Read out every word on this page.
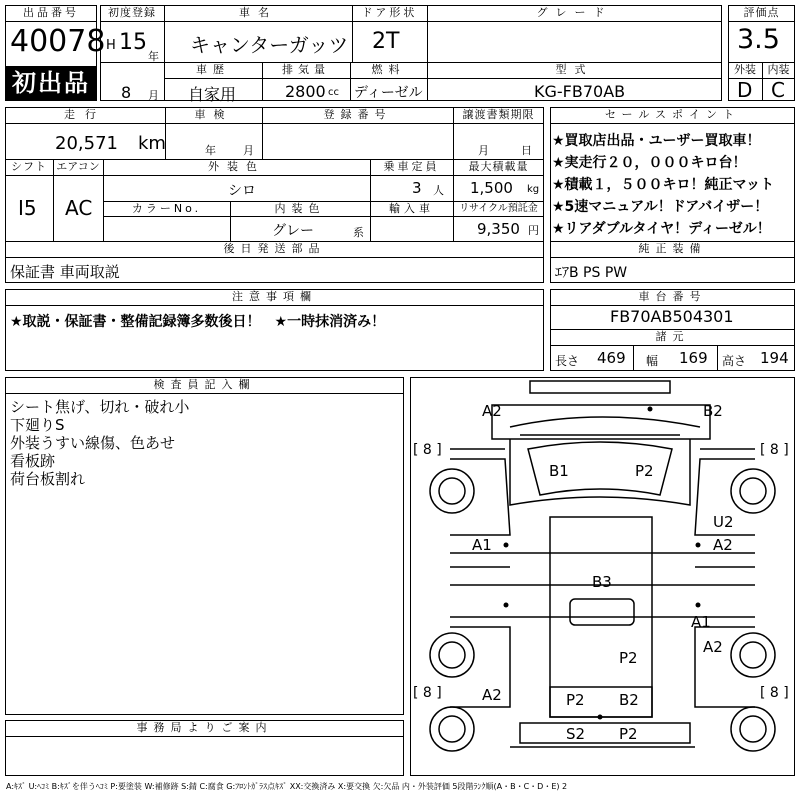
出品番号
40078
初出品
初度登録
H 15
年
8 月
車名
キャンターガッツ
ドア形状
2T
グレード
車歴
自家用
排気量
2800 cc
燃料
ディーゼル
型式
KG-FB70AB
評価点
3.5
外装	内装
D C
走行
20,571 km
車検
年 月
登録番号	譲渡書類期限
月	日
シフト エアコン
I5 AC
外装色
シロ
乗車定員
3 人
最大積載量
1,500 kg
カラーNo.	内装色
グレー	系
輸入車	リサイクル預託金
9,350 円
後日発送部品
保証書 車両取説
セールスポイント
★買取店出品・ユーザー買取車！
★実走行２０，０００キロ台！
★積載１，５００キロ！純正マット
★5速マニュアル！ドアバイザー！
★リアダブルタイヤ！ディーゼル！
純正装備
ｴｱB PS PW
注意事項欄
★取説・保証書・整備記録簿多数後日！　★一時抹消済み！
車台番号
FB70AB504301
諸元
長さ 469 幅 169 高さ 194
検査員記入欄
シート焦げ、切れ・破れ小
下廻りS
外装うすい線傷、色あせ
看板跡
荷台板割れ
事務局よりご案内
A2	B2
B1	P2
U2
A1	A2
B3
A1
A2
P2
A2	P2 B2
S2 P2
[ 8 ]	[ 8 ]
[ 8 ]	[ 8 ]
A:ｷｽﾞ U:ﾍｺﾐ B:ｷｽﾞを伴うﾍｺﾐ P:要塗装 W:補修跡 S:錆 C:腐食 G:ﾌﾛﾝﾄｶﾞﾗｽ点ｷｽﾞ XX:交換済み X:要交換 欠:欠品 内・外装評価 5段階ﾗﾝｸ順(A・B・C・D・E) 2
